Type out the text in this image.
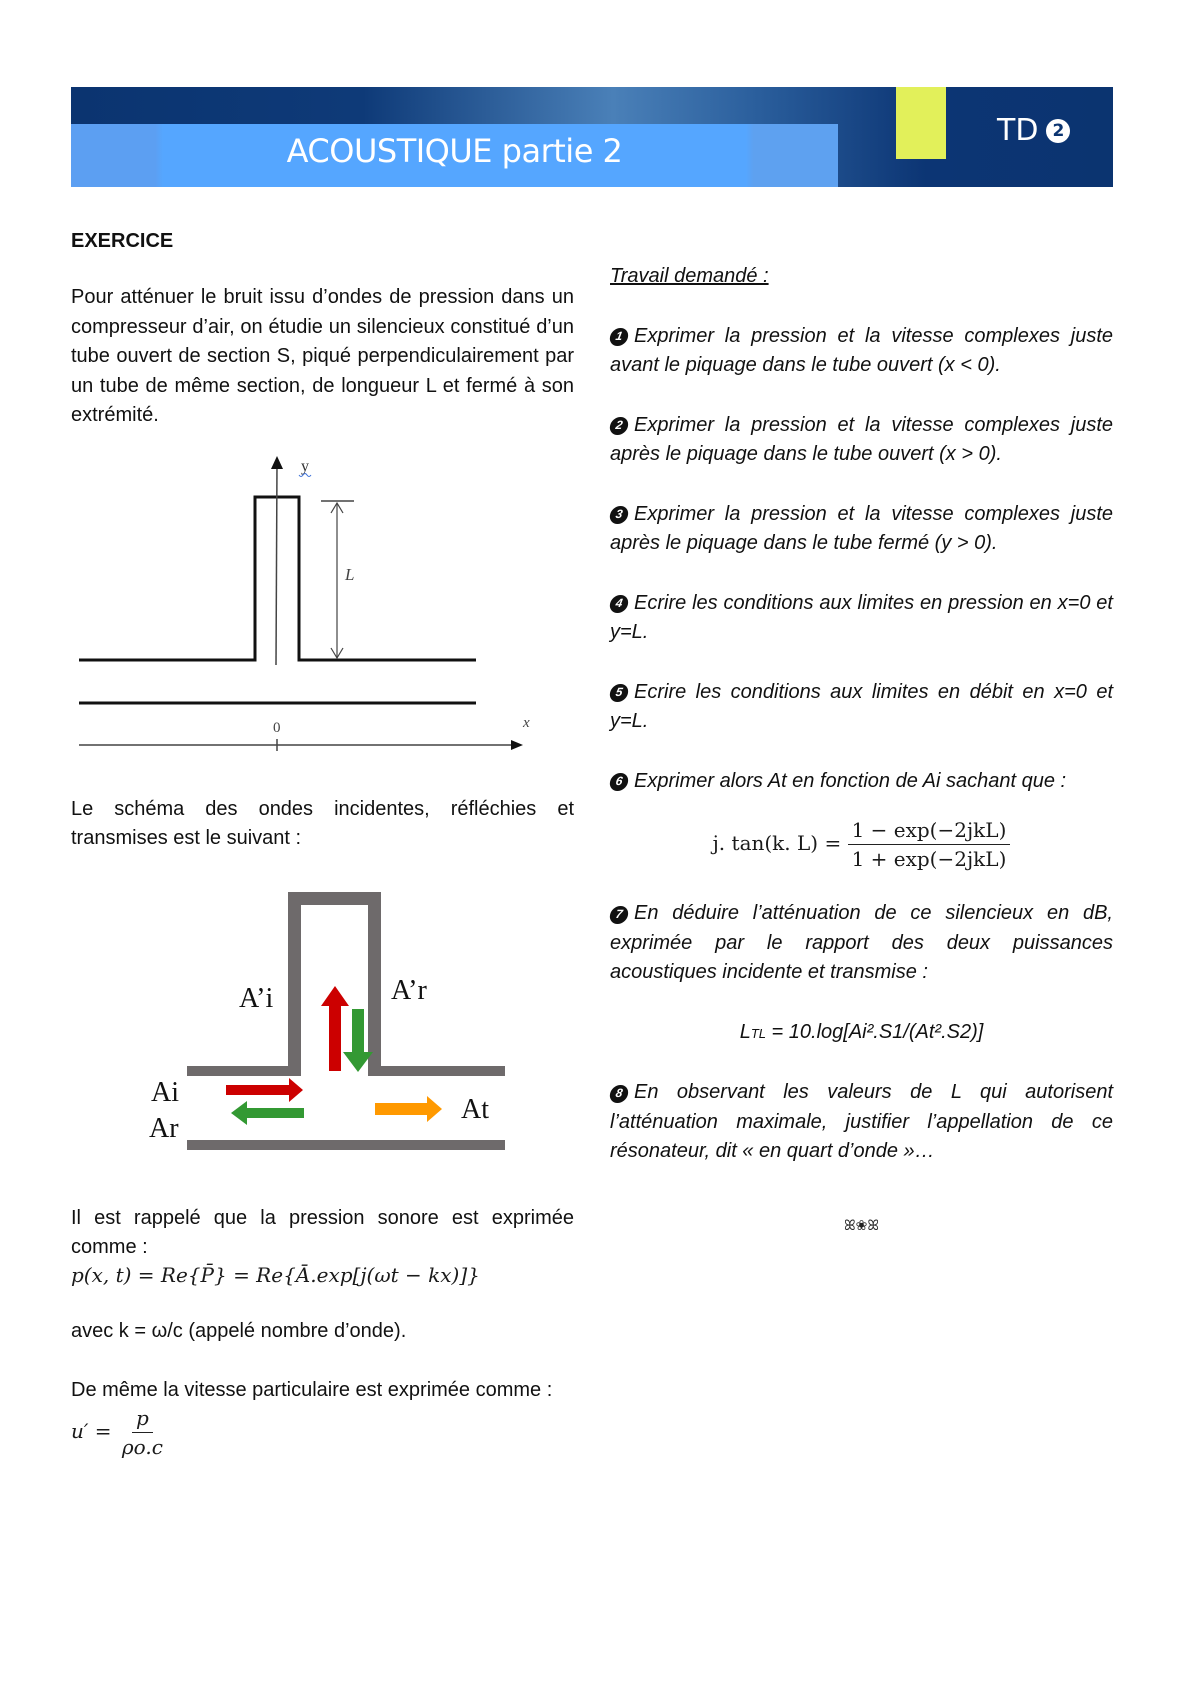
ACOUSTIQUE partie 2
TD 2

EXERCICE

Pour atténuer le bruit issu d’ondes de pression dans un compresseur d’air, on étudie un silencieux constitué d’un tube ouvert de section S, piqué perpendiculairement par un tube de même section, de longueur L et fermé à son extrémité.

y
L
0	x

Le schéma des ondes incidentes, réfléchies et transmises est le suivant :

A’i	A’r
Ai
Ar
At

Il est rappelé que la pression sonore est exprimée comme :

p(x, t) = Re{P̄} = Re{Ā.exp[j(ωt − kx)]}

avec k = ω/c (appelé nombre d’onde).

De même la vitesse particulaire est exprimée comme :

$u' = \frac{p}{\rho o.c}$

Travail demandé :

1 Exprimer la pression et la vitesse complexes juste avant le piquage dans le tube ouvert (x < 0).

2 Exprimer la pression et la vitesse complexes juste après le piquage dans le tube ouvert (x > 0).

3 Exprimer la pression et la vitesse complexes juste après le piquage dans le tube fermé (y > 0).

4 Ecrire les conditions aux limites en pression en x=0 et y=L.

5 Ecrire les conditions aux limites en débit en x=0 et y=L.

6 Exprimer alors At en fonction de Ai sachant que :

j. tan(k. $L) = \frac{\text{1 − exp(−2jkL)}}{\text{1 + exp(−2jkL)}}$

7 En déduire l’atténuation de ce silencieux en dB, exprimée par le rapport des deux puissances acoustiques incidente et transmise :

LTL = 10.log[Ai².S1/(At².S2)]

8 En observant les valeurs de L qui autorisent l’atténuation maximale, justifier l’appellation de ce résonateur, dit « en quart d’onde »…

ꕤ❀ꕤ
